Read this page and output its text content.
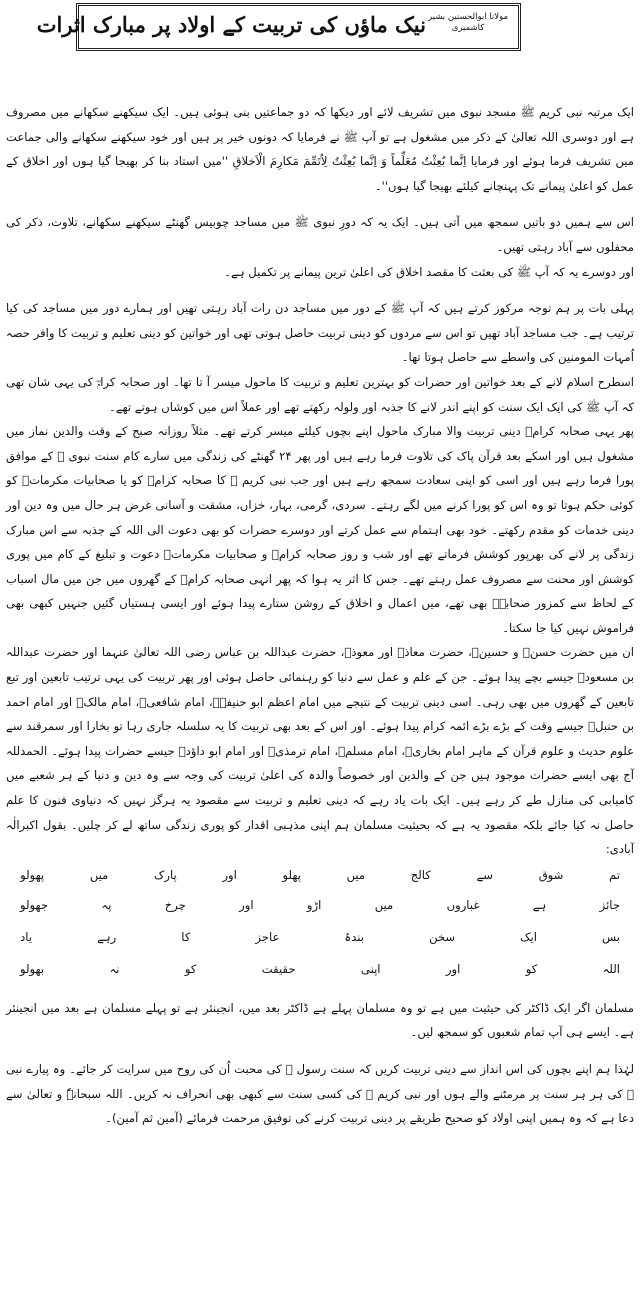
نیک ماؤں کی تربیت کے اولاد پر مبارک اثرات مولانا ابوالحسنین بشیر کاشمیری

ایک مرتبہ نبی کریم ﷺ مسجد نبوی میں تشریف لائے اور دیکھا کہ دو جماعتیں بنی ہوئی ہیں۔ ایک سیکھنے سکھانے میں مصروف ہے اور دوسری اللہ تعالیٰ کے ذکر میں مشغول ہے تو آپ ﷺ نے فرمایا کہ دونوں خیر پر ہیں اور خود سیکھنے سکھانے والی جماعت میں تشریف فرما ہوئے اور فرمایا اِنَّما بُعِثْتُ مُعَلِّماً وَ اِنَّما بُعِثْتُ لِاُتَمِّمَ مَکارِمَ الْاَخلاقِ ''میں استاد بنا کر بھیجا گیا ہوں اور اخلاق کے عمل کو اعلیٰ پیمانے تک پہنچانے کیلئے بھیجا گیا ہوں''۔

اس سے ہمیں دو باتیں سمجھ میں آتی ہیں۔ ایک یہ کہ دورِ نبوی ﷺ میں مساجد چوبیس گھنٹے سیکھنے سکھانے، تلاوت، ذکر کی محفلوں سے آباد رہتی تھیں۔

اور دوسرے یہ کہ آپ ﷺ کی بعثت کا مقصد اخلاق کی اعلیٰ ترین پیمانے پر تکمیل ہے۔

پہلی بات پر ہم توجہ مرکوز کرتے ہیں کہ آپ ﷺ کے دور میں مساجد دن رات آباد رہتی تھیں اور ہمارے دور میں مساجد کی کیا ترتیب ہے۔ جب مساجد آباد تھیں تو اس سے مردوں کو دینی تربیت حاصل ہوتی تھی اور خواتین کو دینی تعلیم و تربیت کا وافر حصہ اُمہات المومنین کی واسطے سے حاصل ہوتا تھا۔

اسطرح اسلام لانے کے بعد خواتین اور حضرات کو بہترین تعلیم و تربیت کا ماحول میسر آ تا تھا۔ اور صحابہ کرامؓ کی یہی شان تھی کہ آپ ﷺ کی ایک ایک سنت کو اپنے اندر لانے کا جذبہ اور ولولہ رکھتے تھے اور عملاً اس میں کوشاں ہوتے تھے۔

پھر یہی صحابہ کرامؓ دینی تربیت والا مبارک ماحول اپنے بچوں کیلئے میسر کرتے تھے۔ مثلاً روزانہ صبح کے وقت والدین نماز میں مشغول ہیں اور اسکے بعد قرآن پاک کی تلاوت فرما رہے ہیں اور پھر ۲۴ گھنٹے کی زندگی میں سارے کام سنت نبوی ﷺ کے موافق پورا فرما رہے ہیں اور اسی کو اپنی سعادت سمجھ رہے ہیں اور جب نبی کریم ﷺ کا صحابہ کرامؓ کو یا صحابیات مکرماتؓ کو کوئی حکم ہوتا تو وہ اس کو پورا کرنے میں لگے رہتے۔ سردی، گرمی، بہار، خزاں، مشقت و آسانی غرض ہر حال میں وہ دین اور دینی خدمات کو مقدم رکھتے۔ خود بھی اہتمام سے عمل کرتے اور دوسرے حضرات کو بھی دعوت الی اللہ کے جذبہ سے اس مبارک زندگی پر لانے کی بھرپور کوشش فرماتے تھے اور شب و روز صحابہ کرامؓ و صحابیات مکرماتؓ دعوت و تبلیغ کے کام میں پوری کوشش اور محنت سے مصروف عمل رہتے تھے۔ جس کا اثر یہ ہوا کہ پھر انہی صحابہ کرامؓ کے گھروں میں جن میں مال اسباب کے لحاظ سے کمزور صحابہؓ بھی تھے، میں اعمال و اخلاق کے روشن ستارے پیدا ہوئے اور ایسی ہستیاں گئیں جنہیں کبھی بھی فراموش نہیں کیا جا سکتا۔

ان میں حضرت حسنؓ و حسینؓ، حضرت معاذؓ اور معوذؓ، حضرت عبداللہ بن عباس رضی اللہ تعالیٰ عنہما اور حضرت عبداللہ بن مسعودؓ جیسے بچے پیدا ہوئے۔ جن کے علم و عمل سے دنیا کو رہنمائی حاصل ہوئی اور پھر تربیت کی یہی ترتیب تابعین اور تبع تابعین کے گھروں میں بھی رہی۔ اسی دینی تربیت کے نتیجے میں امام اعظم ابو حنیفہؒ، امام شافعیؒ، امام مالکؒ اور امام احمد بن حنبلؒ جیسے وقت کے بڑے بڑے ائمہ کرام پیدا ہوئے۔ اور اس کے بعد بھی تربیت کا یہ سلسلہ جاری رہا تو بخارا اور سمرقند سے علوم حدیث و علوم قرآن کے ماہر امام بخاریؒ، امام مسلمؒ، امام ترمذیؒ اور امام ابو داؤدؒ جیسے حضرات پیدا ہوئے۔ الحمدللہ آج بھی ایسے حضرات موجود ہیں جن کے والدین اور خصوصاً والدہ کی اعلیٰ تربیت کی وجہ سے وہ دین و دنیا کے ہر شعبے میں کامیابی کی منازل طے کر رہے ہیں۔ ایک بات یاد رہے کہ دینی تعلیم و تربیت سے مقصود یہ ہرگز نہیں کہ دنیاوی فنون کا علم حاصل نہ کیا جائے بلکہ مقصود یہ ہے کہ بحیثیت مسلمان ہم اپنی مذہبی اقدار کو پوری زندگی ساتھ لے کر چلیں۔ بقول اکبرالٰہ آبادی:

تم
شوق
سے
کالج
میں
پھلو
اور
پارک
میں
پھولو
جائز
ہے
غباروں
میں
اڑو
اور
چرخ
پہ
جھولو
بس
ایک
سخن
بندۂ
عاجز
کا
رہے
یاد
اللہ
کو
اور
اپنی
حقیقت
کو
نہ
بھولو

مسلمان اگر ایک ڈاکٹر کی حیثیت میں ہے تو وہ مسلمان پہلے ہے ڈاکٹر بعد میں، انجینئر ہے تو پہلے مسلمان ہے بعد میں انجینئر ہے۔ ایسے ہی آپ تمام شعبوں کو سمجھ لیں۔

لہٰذا ہم اپنے بچوں کی اس انداز سے دینی تربیت کریں کہ سنت رسول ﷺ کی محبت اُن کی روح میں سرایت کر جائے۔ وہ پیارے نبی ﷺ کی ہر ہر سنت پر مرمٹنے والے ہوں اور نبی کریم ﷺ کی کسی سنت سے کبھی بھی انحراف نہ کریں۔ اللہ سبحانہٗ و تعالیٰ سے دعا ہے کہ وہ ہمیں اپنی اولاد کو صحیح طریقے پر دینی تربیت کرنے کی توفیق مرحمت فرمائے (آمین ثم آمین)۔
